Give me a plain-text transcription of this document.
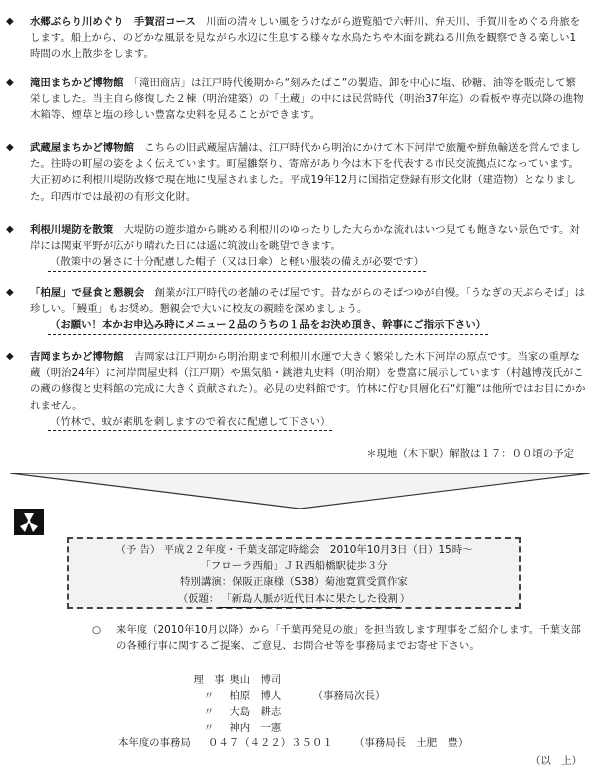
◆ 水郷ぶらり川めぐり　手賀沼コース　川面の清々しい風をうけながら遊覧船で六軒川、弁天川、手賀川をめぐる舟旅をします。船上から、のどかな風景を見ながら水辺に生息する様々な水鳥たちや木面を跳ねる川魚を観察できる楽しい1時間の水上散歩をします。
◆ 滝田まちかど博物館　「滝田商店」は江戸時代後期から“刻みたばこ”の製造、卸を中心に塩、砂糖、油等を販売して繁栄しました。当主自ら修復した２棟（明治建築）の「土蔵」の中には民営時代（明治37年迄）の看板や専売以降の進物木箱等、煙草と塩の珍しい豊富な史料を見ることができます。
◆ 武蔵屋まちかど博物館　こちらの旧武蔵屋店舗は、江戸時代から明治にかけて木下河岸で旅籠や鮮魚輸送を営んでました。往時の町屋の姿をよく伝えています。町屋雛祭り、寄席があり今は木下を代表する市民交流拠点になっています。大正初めに利根川堤防改修で現在地に曳屋されました。平成19年12月に国指定登録有形文化財（建造物）となりました。印西市では最初の有形文化財。
◆ 利根川堤防を散策　大堤防の遊歩道から眺める利根川のゆったりした大らかな流れはいつ見ても飽きない景色です。対岸には関東平野が広がり晴れた日には遥に筑波山を眺望できます。
（散策中の暑さに十分配慮した帽子（又は日傘）と軽い服装の備えが必要です）
◆ 「柏屋」で昼食と懇親会　創業が江戸時代の老舗のそば屋です。昔ながらのそばつゆが自慢。「うなぎの天ぷらそば」は珍しい。「鰻重」もお奨め。懇親会で大いに校友の親睦を深めましょう。
（お願い！本かお申込み時にメニュー２品のうちの１品をお決め頂き、幹事にご指示下さい）
◆ 吉岡まちかど博物館　吉岡家は江戸期から明治期まで利根川水運で大きく繁栄した木下河岸の原点です。当家の重厚な蔵（明治24年）に河岸問屋史料（江戸期）や黒気船・銚港丸史料（明治期）を豊富に展示しています（村越博茂氏がこの蔵の修復と史料館の完成に大きく貢献された）。必見の史料館です。竹林に佇む貝層化石“灯籠“は他所ではお目にかかれません。
（竹林で、蚊が素肌を刺しますので着衣に配慮して下さい）
＊現地（木下駅）解散は１７：００頃の予定
（予 告） 平成２２年度・千葉支部定時総会　2010年10月3日（日）15時～
「フローラ西船」ＪＲ西船橋駅徒歩３分
特別講演：保阪正康様（S38）菊池寛賞受賞作家
（仮題： 「新島人脈が近代日本に果たした役割 ）
○ 来年度（2010年10月以降）から「千葉再発見の旅」を担当致します理事をご紹介します。千葉支部の各種行事に関するご提案、ご意見、お問合せ等を事務局までお寄せ下さい。
理　事 奥山　博司
〃 柏原　博人	（事務局次長）
〃 大島　耕志
〃 神内　一憲
本年度の事務局 ０４７（４２２）３５０１ （事務局長　土肥　豊）
（以　上）
